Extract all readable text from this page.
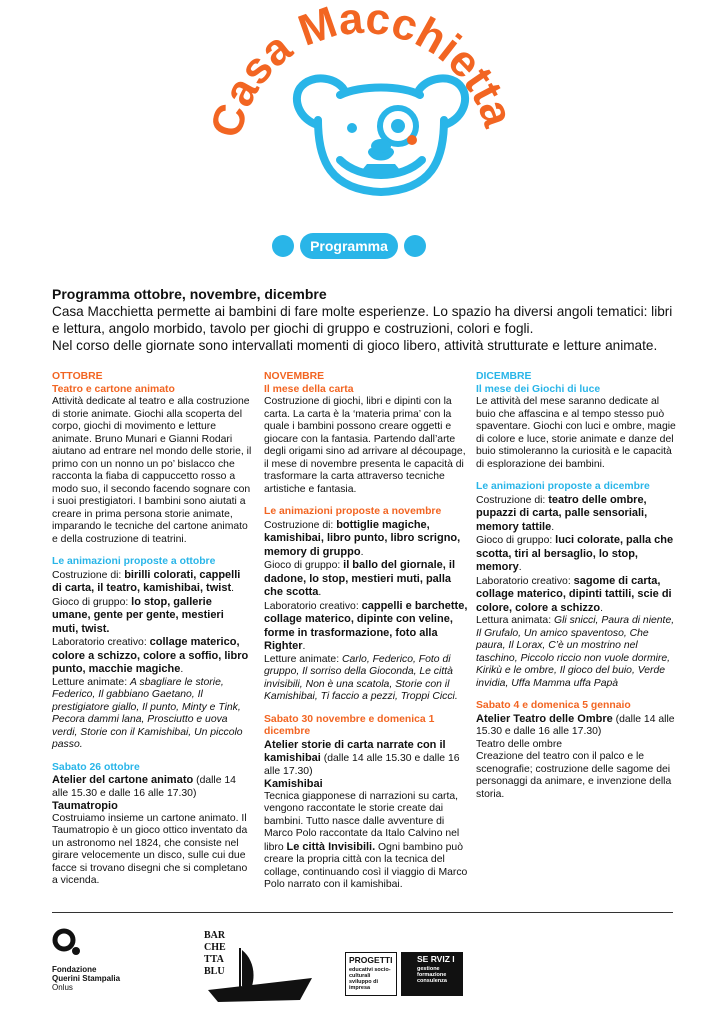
Casa Macchietta
Programma
Programma ottobre, novembre, dicembre

Casa Macchietta permette ai bambini di fare molte esperienze. Lo spazio ha diversi angoli tematici: libri e lettura, angolo morbido, tavolo per giochi di gruppo e costruzioni, colori e fogli.

Nel corso delle giornate sono intervallati momenti di gioco libero, attività strutturate e letture animate.

OTTOBRE

Teatro e cartone animato

Attività dedicate al teatro e alla costruzione di storie animate. Giochi alla scoperta del corpo, giochi di movimento e letture animate. Bruno Munari e Gianni Rodari aiutano ad entrare nel mondo delle storie, il primo con un nonno un po’ bislacco che racconta la fiaba di cappuccetto rosso a modo suo, il secondo facendo sognare con i suoi prestigiatori. I bambini sono aiutati a creare in prima persona storie animate, imparando le tecniche del cartone animato e della costruzione di teatrini.

Le animazioni proposte a ottobre

Costruzione di: birilli colorati, cappelli di carta, il teatro, kamishibai, twist.

Gioco di gruppo: lo stop, gallerie umane, gente per gente, mestieri muti, twist.

Laboratorio creativo: collage materico, colore a schizzo, colore a soffio, libro punto, macchie magiche.

Letture animate: A sbagliare le storie, Federico, Il gabbiano Gaetano, Il prestigiatore giallo, Il punto, Minty e Tink, Pecora dammi lana, Prosciutto e uova verdi, Storie con il Kamishibai, Un piccolo passo.

Sabato 26 ottobre

Atelier del cartone animato (dalle 14 alle 15.30 e dalle 16 alle 17.30)

Taumatropio

Costruiamo insieme un cartone animato. Il Taumatropio è un gioco ottico inventato da un astronomo nel 1824, che consiste nel girare velocemente un disco, sulle cui due facce si trovano disegni che si completano a vicenda.

NOVEMBRE

Il mese della carta

Costruzione di giochi, libri e dipinti con la carta. La carta è la ‘materia prima’ con la quale i bambini possono creare oggetti e giocare con la fantasia. Partendo dall’arte degli origami sino ad arrivare al découpage, il mese di novembre presenta le capacità di trasformare la carta attraverso tecniche artistiche e fantasia.

Le animazioni proposte a novembre

Costruzione di: bottiglie magiche, kamishibai, libro punto, libro scrigno, memory di gruppo.

Gioco di gruppo: il ballo del giornale, il dadone, lo stop, mestieri muti, palla che scotta.

Laboratorio creativo: cappelli e barchette, collage materico, dipinte con veline, forme in trasformazione, foto alla Righter.

Letture animate: Carlo, Federico, Foto di gruppo, Il sorriso della Gioconda, Le città invisibili, Non è una scatola, Storie con il Kamishibai, Ti faccio a pezzi, Troppi Cicci.

Sabato 30 novembre e domenica 1 dicembre

Atelier storie di carta narrate con il kamishibai (dalle 14 alle 15.30 e dalle 16 alle 17.30)

Kamishibai

Tecnica giapponese di narrazioni su carta, vengono raccontate le storie create dai bambini. Tutto nasce dalle avventure di Marco Polo raccontate da Italo Calvino nel libro Le città Invisibili. Ogni bambino può creare la propria città con la tecnica del collage, continuando così il viaggio di Marco Polo narrato con il kamishibai.

DICEMBRE

Il mese dei Giochi di luce

Le attività del mese saranno dedicate al buio che affascina e al tempo stesso può spaventare. Giochi con luci e ombre, magie di colore e luce, storie animate e danze del buio stimoleranno la curiosità e le capacità di esplorazione dei bambini.

Le animazioni proposte a dicembre

Costruzione di: teatro delle ombre, pupazzi di carta, palle sensoriali, memory tattile.

Gioco di gruppo: luci colorate, palla che scotta, tiri al bersaglio, lo stop, memory.

Laboratorio creativo: sagome di carta, collage materico, dipinti tattili, scie di colore, colore a schizzo.

Lettura animata: Gli snicci, Paura di niente, Il Grufalo, Un amico spaventoso, Che paura, Il Lorax, C’è un mostrino nel taschino, Piccolo riccio non vuole dormire, Kirikù e le ombre, Il gioco del buio, Verde invidia, Uffa Mamma uffa Papà

Sabato 4 e domenica 5 gennaio

Atelier Teatro delle Ombre (dalle 14 alle 15.30 e dalle 16 alle 17.30)

Teatro delle ombre

Creazione del teatro con il palco e le scenografie; costruzione delle sagome dei personaggi da animare, e invenzione della storia.

Fondazione
Querini Stampalia
Onlus
BAR
CHE
TTA
BLU
PROGETTI
educativi socio-culturali sviluppo di impresa
SE RVIZ I
gestione formazione consulenza
